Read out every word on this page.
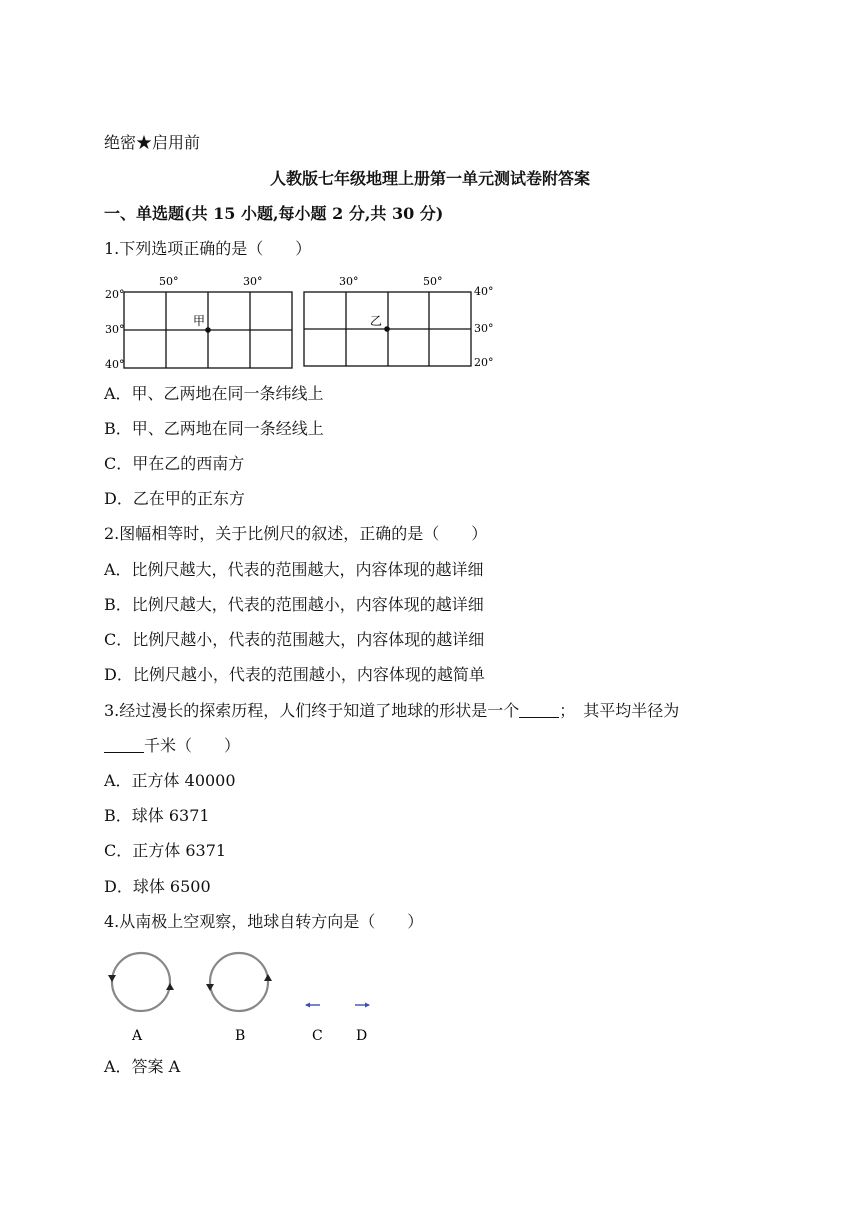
绝密★启用前
人教版七年级地理上册第一单元测试卷附答案
一、单选题(共 15 小题,每小题 2 分,共 30 分)
1.下列选项正确的是（　　）
50°	30°
20°
30°
40°
甲
30°	50°
40°
30°
20°
乙
A．甲、乙两地在同一条纬线上
B．甲、乙两地在同一条经线上
C．甲在乙的西南方
D．乙在甲的正东方
2.图幅相等时，关于比例尺的叙述，正确的是（　　）
A．比例尺越大，代表的范围越大，内容体现的越详细
B．比例尺越大，代表的范围越小，内容体现的越详细
C．比例尺越小，代表的范围越大，内容体现的越详细
D．比例尺越小，代表的范围越小，内容体现的越简单
3.经过漫长的探索历程，人们终于知道了地球的形状是一个	；　其平均半径为
千米（　　）
A．正方体 40000
B．球体 6371
C．正方体 6371
D．球体 6500
4.从南极上空观察，地球自转方向是（　　）
A	B	C D
A．答案 A
